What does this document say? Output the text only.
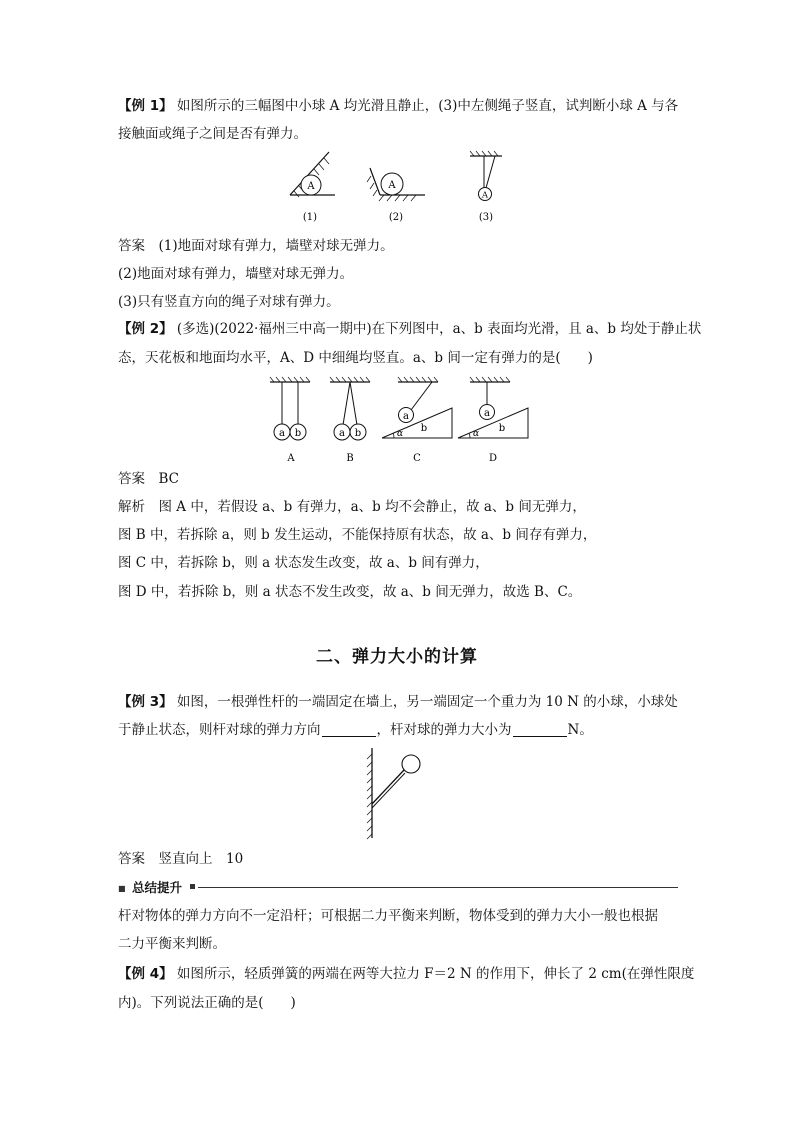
【例 1】 如图所示的三幅图中小球 A 均光滑且静止，(3)中左侧绳子竖直，试判断小球 A 与各
接触面或绳子之间是否有弹力。
A
(1)
A
(2)
A
(3)
答案　 (1)地面对球有弹力，墙壁对球无弹力。
(2)地面对球有弹力，墙壁对球无弹力。
(3)只有竖直方向的绳子对球有弹力。
【例 2】 (多选)(2022·福州三中高一期中)在下列图中，a、b 表面均光滑，且 a、b 均处于静止状
态，天花板和地面均水平，A、D 中细绳均竖直。a、b 间一定有弹力的是(　　)
a b
A
a b
B
a
b
α
C
a
b
α
D
答案　 BC
解析　 图 A 中，若假设 a、b 有弹力，a、b 均不会静止，故 a、b 间无弹力，
图 B 中，若拆除 a，则 b 发生运动，不能保持原有状态，故 a、b 间存有弹力，
图 C 中，若拆除 b，则 a 状态发生改变，故 a、b 间有弹力，
图 D 中，若拆除 b，则 a 状态不发生改变，故 a、b 间无弹力，故选 B、C。
二、弹力大小的计算
【例 3】 如图，一根弹性杆的一端固定在墙上，另一端固定一个重力为 10 N 的小球，小球处
于静止状态，则杆对球的弹力方向	，杆对球的弹力大小为	N。
答案　 竖直向上　10
■ 总结提升
杆对物体的弹力方向不一定沿杆；可根据二力平衡来判断，物体受到的弹力大小一般也根据
二力平衡来判断。
【例 4】 如图所示，轻质弹簧的两端在两等大拉力 F＝2 N 的作用下，伸长了 2 cm(在弹性限度
内)。下列说法正确的是(　　)
